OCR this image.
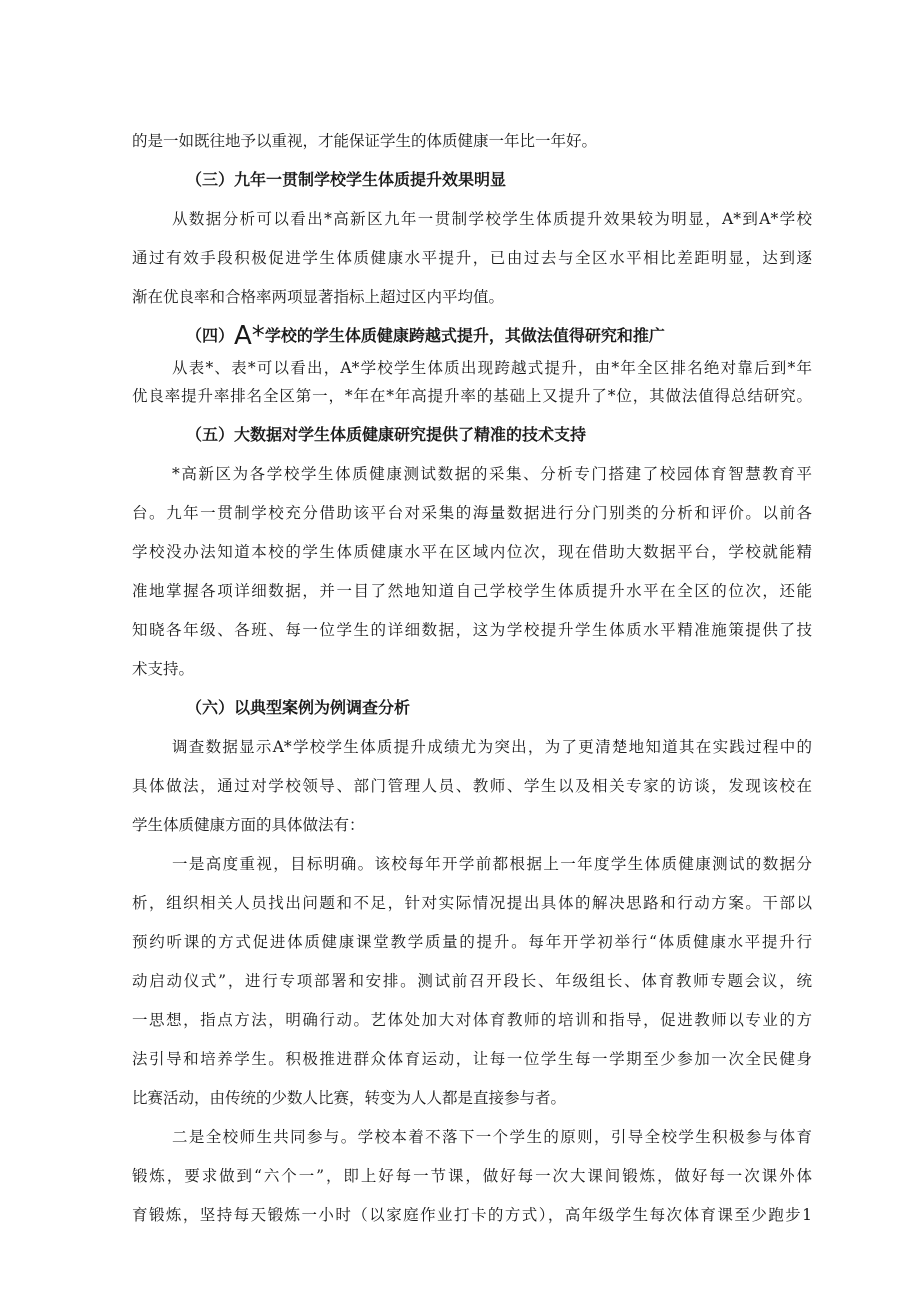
的是一如既往地予以重视，才能保证学生的体质健康一年比一年好。
（三）九年一贯制学校学生体质提升效果明显
从数据分析可以看出*高新区九年一贯制学校学生体质提升效果较为明显，A*到A*学校
通过有效手段积极促进学生体质健康水平提升，已由过去与全区水平相比差距明显，达到逐
渐在优良率和合格率两项显著指标上超过区内平均值。
（四）A*学校的学生体质健康跨越式提升，其做法值得研究和推广
从表*、表*可以看出，A*学校学生体质出现跨越式提升，由*年全区排名绝对靠后到*年
优良率提升率排名全区第一，*年在*年高提升率的基础上又提升了*位，其做法值得总结研究。
（五）大数据对学生体质健康研究提供了精准的技术支持
*高新区为各学校学生体质健康测试数据的采集、分析专门搭建了校园体育智慧教育平
台。九年一贯制学校充分借助该平台对采集的海量数据进行分门别类的分析和评价。以前各
学校没办法知道本校的学生体质健康水平在区域内位次，现在借助大数据平台，学校就能精
准地掌握各项详细数据，并一目了然地知道自己学校学生体质提升水平在全区的位次，还能
知晓各年级、各班、每一位学生的详细数据，这为学校提升学生体质水平精准施策提供了技
术支持。
（六）以典型案例为例调查分析
调查数据显示A*学校学生体质提升成绩尤为突出，为了更清楚地知道其在实践过程中的
具体做法，通过对学校领导、部门管理人员、教师、学生以及相关专家的访谈，发现该校在
学生体质健康方面的具体做法有：
一是高度重视，目标明确。该校每年开学前都根据上一年度学生体质健康测试的数据分
析，组织相关人员找出问题和不足，针对实际情况提出具体的解决思路和行动方案。干部以
预约听课的方式促进体质健康课堂教学质量的提升。每年开学初举行“体质健康水平提升行
动启动仪式”，进行专项部署和安排。测试前召开段长、年级组长、体育教师专题会议，统
一思想，指点方法，明确行动。艺体处加大对体育教师的培训和指导，促进教师以专业的方
法引导和培养学生。积极推进群众体育运动，让每一位学生每一学期至少参加一次全民健身
比赛活动，由传统的少数人比赛，转变为人人都是直接参与者。
二是全校师生共同参与。学校本着不落下一个学生的原则，引导全校学生积极参与体育
锻炼，要求做到“六个一”，即上好每一节课，做好每一次大课间锻炼，做好每一次课外体
育锻炼，坚持每天锻炼一小时（以家庭作业打卡的方式），高年级学生每次体育课至少跑步1
